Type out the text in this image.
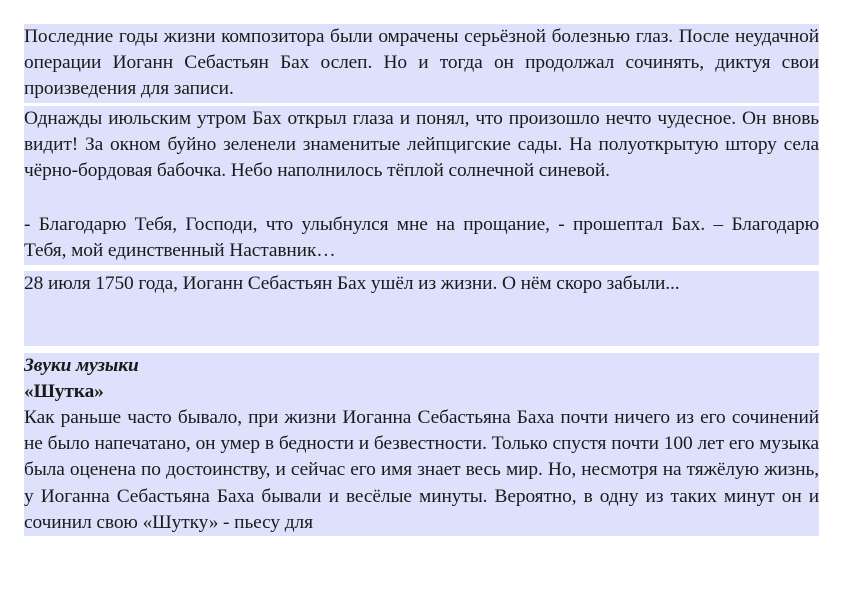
Последние годы жизни композитора были омрачены серьёзной болезнью глаз. После неудачной операции Иоганн Себастьян Бах ослеп. Но и тогда он продолжал сочинять, диктуя свои произведения для записи.
Однажды июльским утром Бах открыл глаза и понял, что произошло нечто чудесное. Он вновь видит! За окном буйно зеленели знаменитые лейпцигские сады. На полуоткрытую штору села чёрно-бордовая бабочка. Небо наполнилось тёплой солнечной синевой.
- Благодарю Тебя, Господи, что улыбнулся мне на прощание, - прошептал Бах. – Благодарю Тебя, мой единственный Наставник…
28 июля 1750 года, Иоганн Себастьян Бах ушёл из жизни. О нём скоро забыли...
Звуки музыки
«Шутка»
Как раньше часто бывало, при жизни Иоганна Себастьяна Баха почти ничего из его сочинений не было напечатано, он умер в бедности и безвестности. Только спустя почти 100 лет его музыка была оценена по достоинству, и сейчас его имя знает весь мир. Но, несмотря на тяжёлую жизнь, у Иоганна Себастьяна Баха бывали и весёлые минуты. Вероятно, в одну из таких минут он и сочинил свою «Шутку» - пьесу для
